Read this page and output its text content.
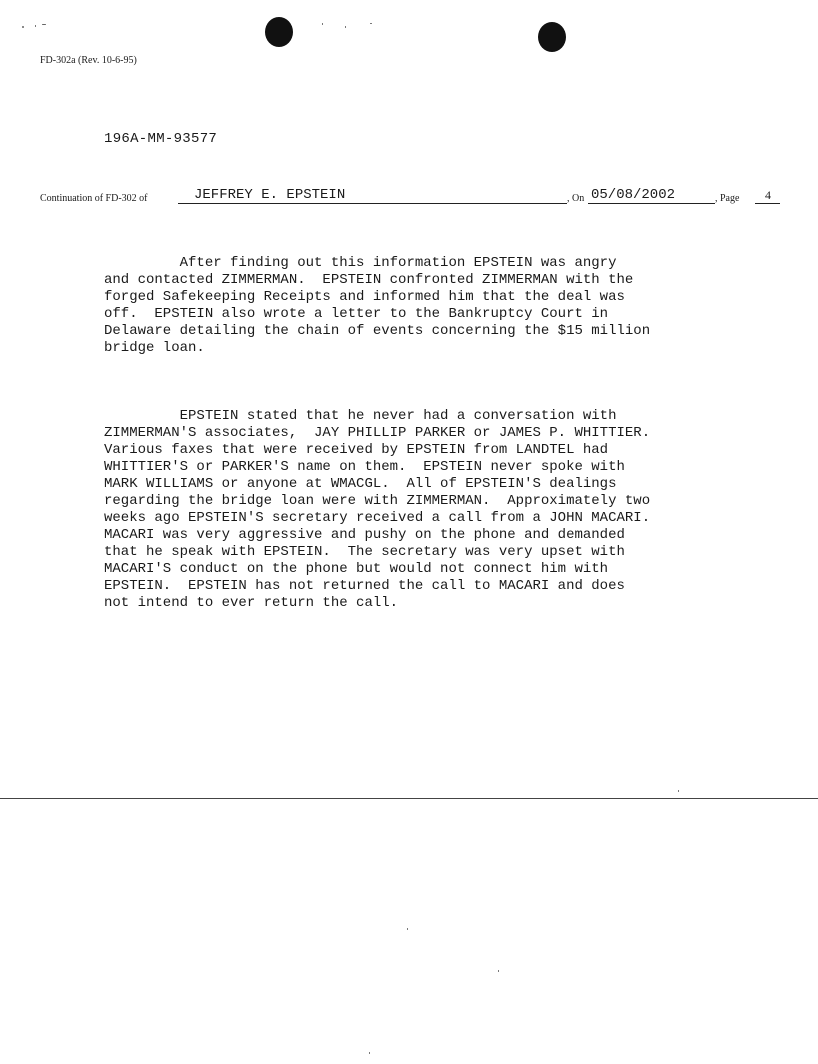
FD-302a (Rev. 10-6-95)
196A-MM-93577
Continuation of FD-302 of	JEFFREY E. EPSTEIN	, On 05/08/2002	, Page 4

After finding out this information EPSTEIN was angry
and contacted ZIMMERMAN.  EPSTEIN confronted ZIMMERMAN with the
forged Safekeeping Receipts and informed him that the deal was
off.  EPSTEIN also wrote a letter to the Bankruptcy Court in
Delaware detailing the chain of events concerning the $15 million
bridge loan.

EPSTEIN stated that he never had a conversation with
ZIMMERMAN'S associates,  JAY PHILLIP PARKER or JAMES P. WHITTIER.
Various faxes that were received by EPSTEIN from LANDTEL had
WHITTIER'S or PARKER'S name on them.  EPSTEIN never spoke with
MARK WILLIAMS or anyone at WMACGL.  All of EPSTEIN'S dealings
regarding the bridge loan were with ZIMMERMAN.  Approximately two
weeks ago EPSTEIN'S secretary received a call from a JOHN MACARI.
MACARI was very aggressive and pushy on the phone and demanded
that he speak with EPSTEIN.  The secretary was very upset with
MACARI'S conduct on the phone but would not connect him with
EPSTEIN.  EPSTEIN has not returned the call to MACARI and does
not intend to ever return the call.
